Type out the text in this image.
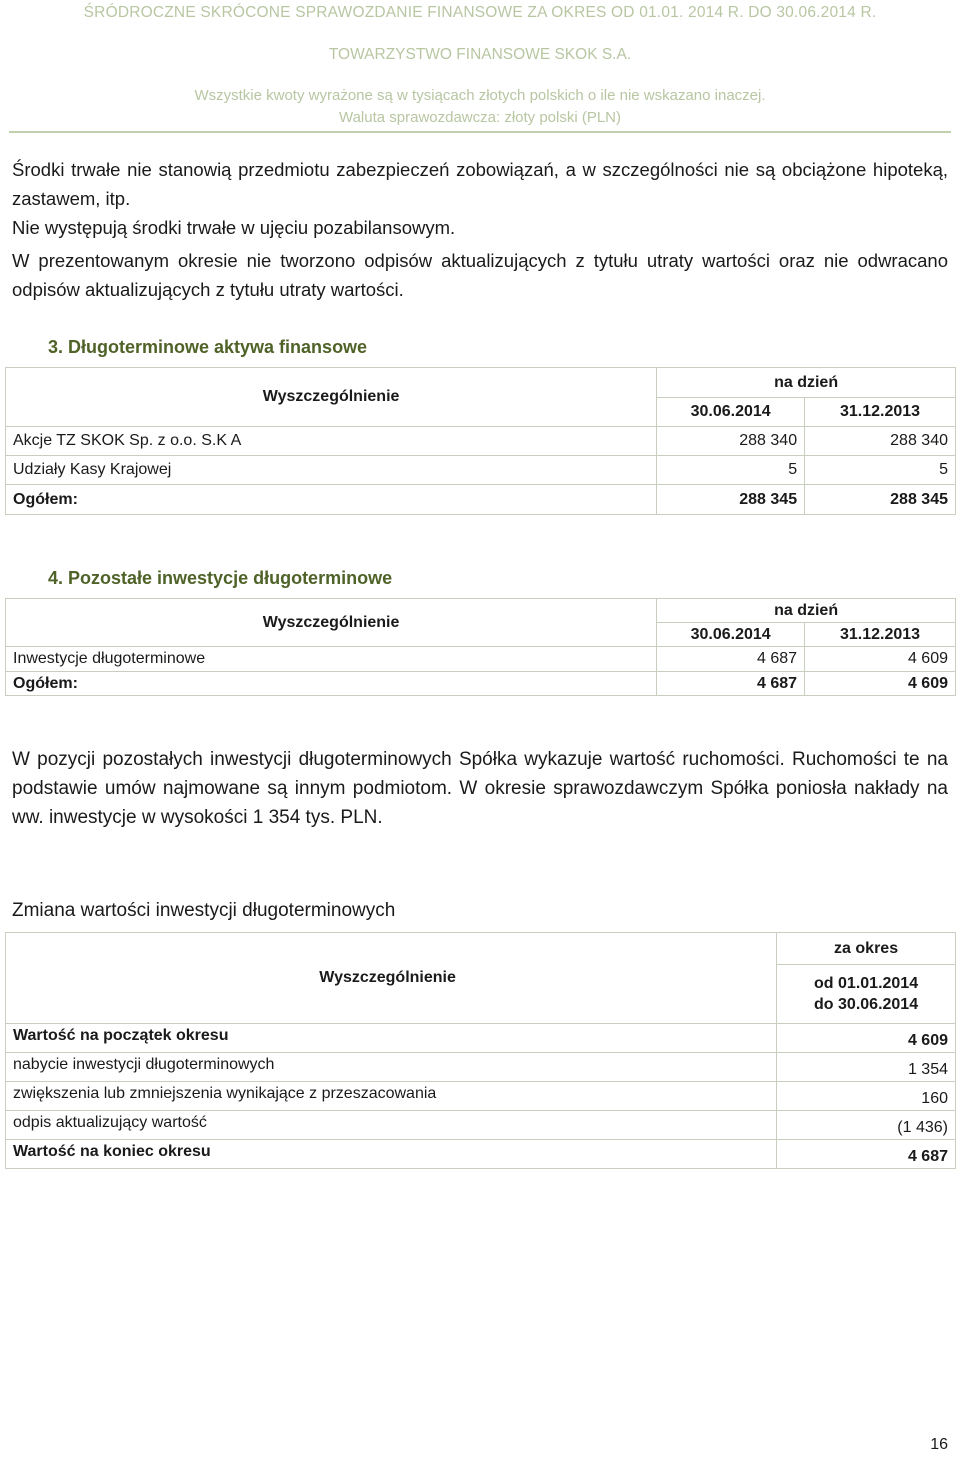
ŚRÓDROCZNE SKRÓCONE SPRAWOZDANIE FINANSOWE ZA OKRES OD 01.01. 2014 R. DO 30.06.2014 R.
TOWARZYSTWO FINANSOWE SKOK S.A.
Wszystkie kwoty wyrażone są w tysiącach złotych polskich o ile nie wskazano inaczej.
Waluta sprawozdawcza: złoty polski (PLN)
Środki trwałe nie stanowią przedmiotu zabezpieczeń zobowiązań, a w szczególności nie są obciążone hipoteką, zastawem, itp.
Nie występują środki trwałe w ujęciu pozabilansowym.
W prezentowanym okresie nie tworzono odpisów aktualizujących z tytułu utraty wartości oraz nie odwracano odpisów aktualizujących z tytułu utraty wartości.
3. Długoterminowe aktywa finansowe
Wyszczególnienie	na dzień	
	30.06.2014	31.12.2013
Akcje TZ SKOK Sp. z o.o. S.K A	288 340	288 340
Udziały Kasy Krajowej	5	5
Ogółem:	288 345	288 345
4. Pozostałe inwestycje długoterminowe
Wyszczególnienie	na dzień	
	30.06.2014	31.12.2013
Inwestycje długoterminowe	4 687	4 609
Ogółem:	4 687	4 609
W pozycji pozostałych inwestycji długoterminowych Spółka wykazuje wartość ruchomości. Ruchomości te na podstawie umów najmowane są innym podmiotom. W okresie sprawozdawczym Spółka poniosła nakłady na ww. inwestycje w wysokości 1 354 tys. PLN.
Zmiana wartości inwestycji długoterminowych
Wyszczególnienie	za okres

	od 01.01.2014
do 30.06.2014

Wartość na początek okresu	4 609
nabycie inwestycji długoterminowych	1 354
zwiększenia lub zmniejszenia wynikające z przeszacowania	160
odpis aktualizujący wartość	(1 436)
Wartość na koniec okresu	4 687
16
